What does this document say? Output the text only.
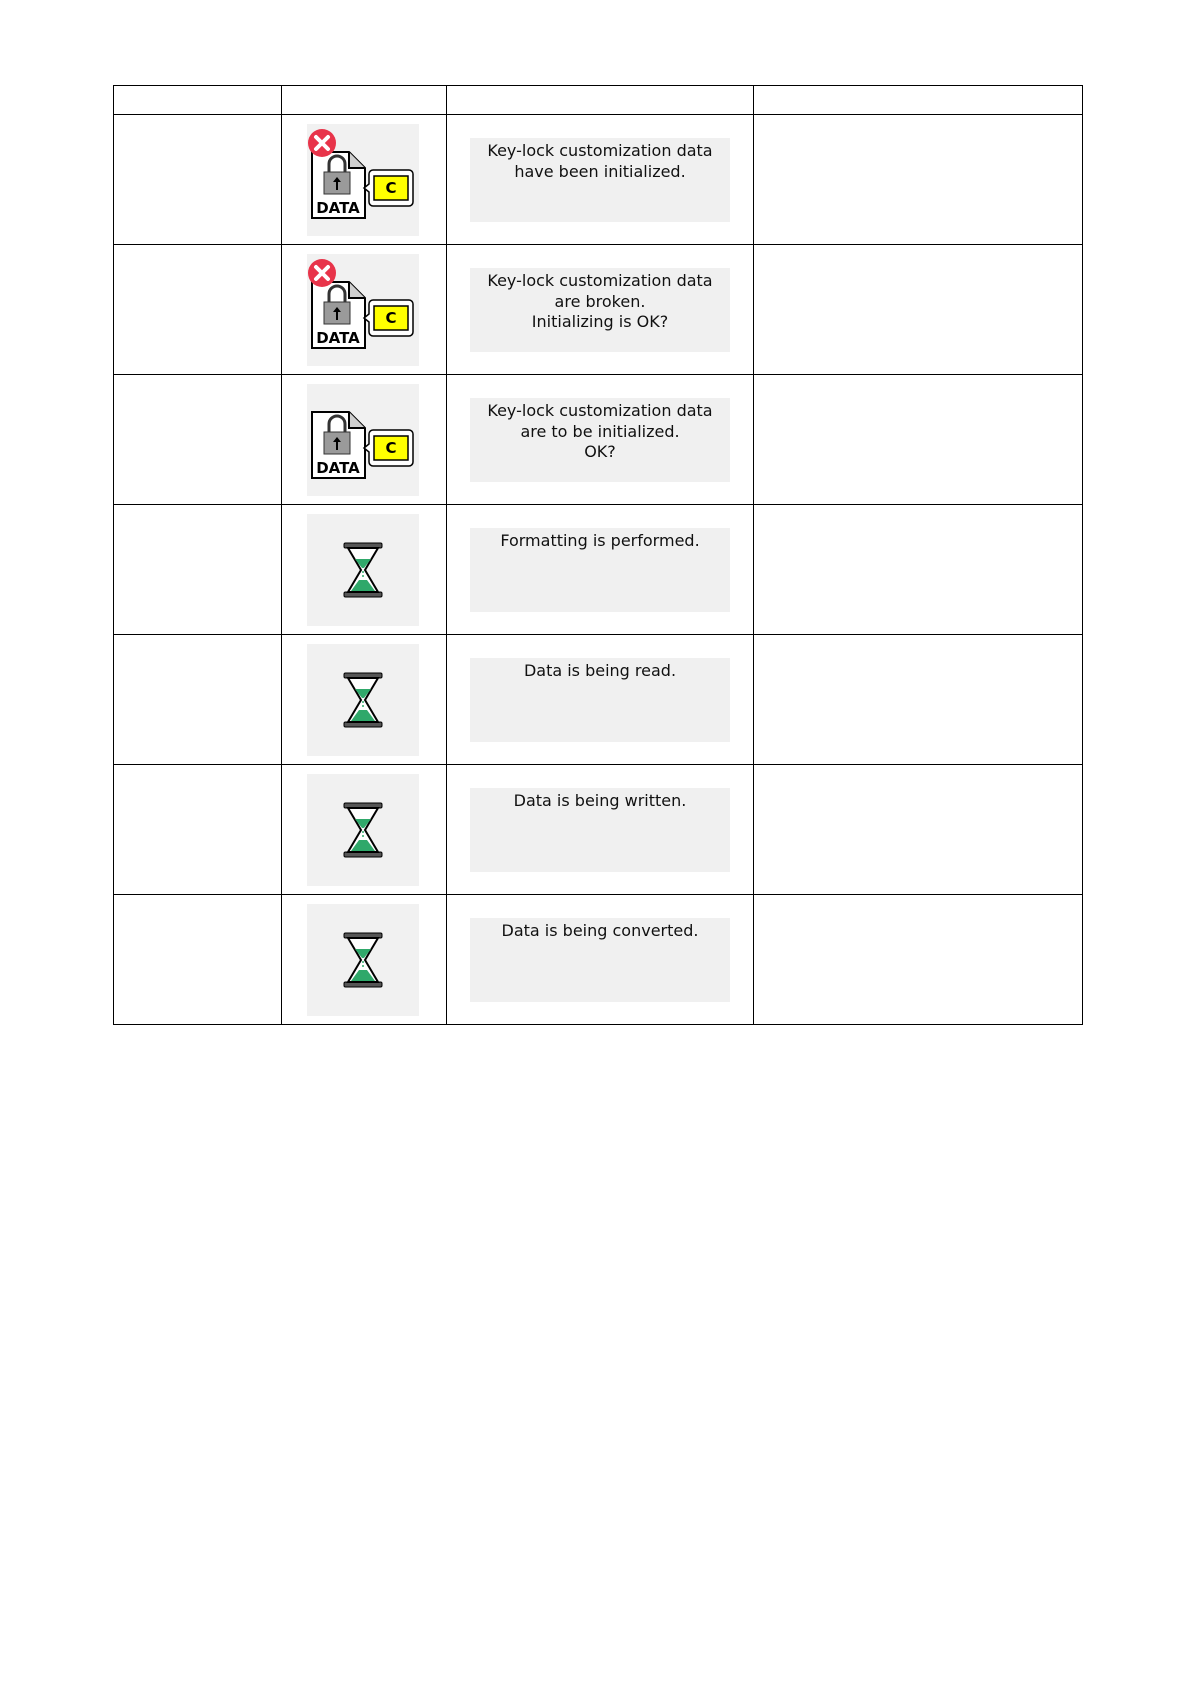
DATA
C	Key-lock customization data
have been initialized.	

DATA
C	Key-lock customization data
are broken.
Initializing is OK?	

DATA
C	Key-lock customization data
are to be initialized.
OK?	

Formatting is performed.	

Data is being read.	

Data is being written.	

Data is being converted.	
